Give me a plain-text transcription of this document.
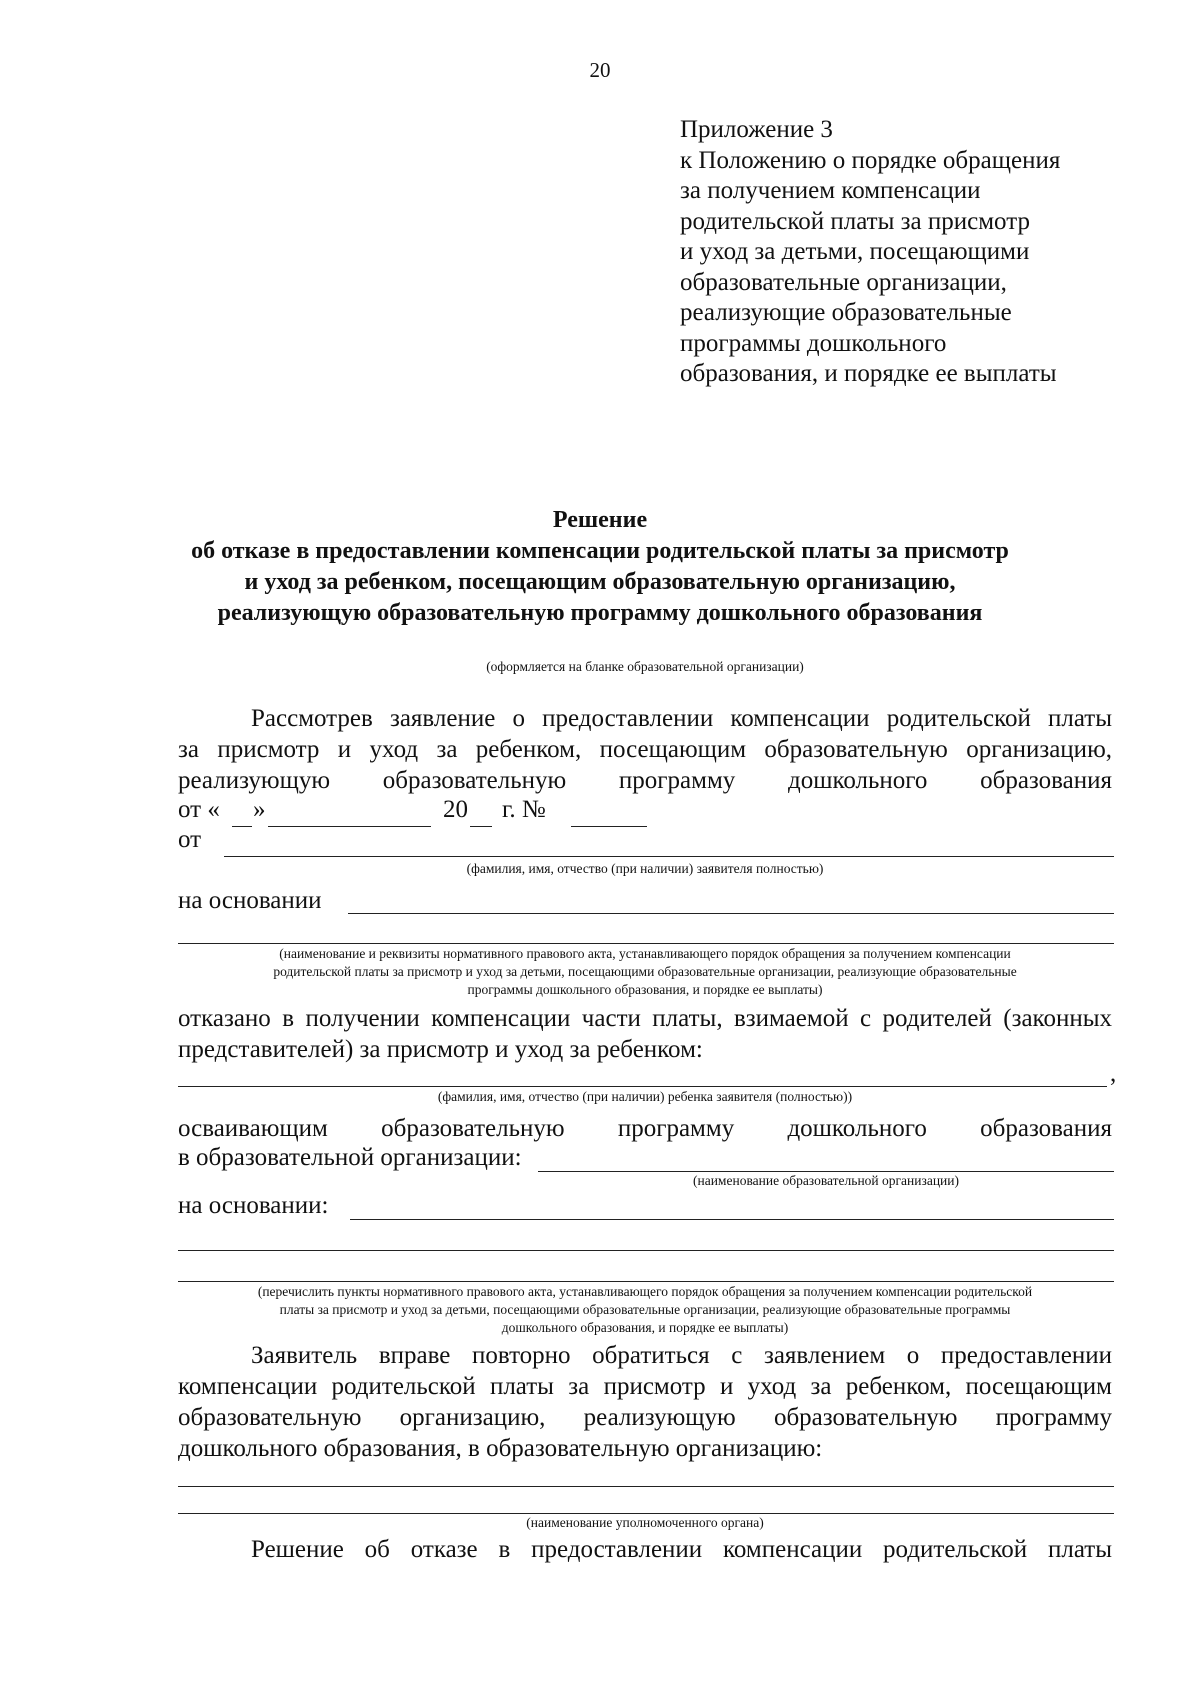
20
Приложение 3
к Положению о порядке обращения
за получением компенсации
родительской платы за присмотр
и уход за детьми, посещающими
образовательные организации,
реализующие образовательные
программы дошкольного
образования, и порядке ее выплаты
Решение
об отказе в предоставлении компенсации родительской платы за присмотр
и уход за ребенком, посещающим образовательную организацию,
реализующую образовательную программу дошкольного образования
(оформляется на бланке образовательной организации)
Рассмотрев заявление о предоставлении компенсации родительской платы
за присмотр и уход за ребенком, посещающим образовательную организацию,
реализующую образовательную программу дошкольного образования
от « »	20 г. №
от
(фамилия, имя, отчество (при наличии) заявителя полностью)
на основании
(наименование и реквизиты нормативного правового акта, устанавливающего порядок обращения за получением компенсации
родительской платы за присмотр и уход за детьми, посещающими образовательные организации, реализующие образовательные
программы дошкольного образования, и порядке ее выплаты)
отказано в получении компенсации части платы, взимаемой с родителей (законных
представителей) за присмотр и уход за ребенком:
,
(фамилия, имя, отчество (при наличии) ребенка заявителя (полностью))
осваивающим образовательную программу дошкольного образования
в образовательной организации:
(наименование образовательной организации)
на основании:
(перечислить пункты нормативного правового акта, устанавливающего порядок обращения за получением компенсации родительской
платы за присмотр и уход за детьми, посещающими образовательные организации, реализующие образовательные программы
дошкольного образования, и порядке ее выплаты)
Заявитель вправе повторно обратиться с заявлением о предоставлении
компенсации родительской платы за присмотр и уход за ребенком, посещающим
образовательную организацию, реализующую образовательную программу
дошкольного образования, в образовательную организацию:
(наименование уполномоченного органа)
Решение об отказе в предоставлении компенсации родительской платы
